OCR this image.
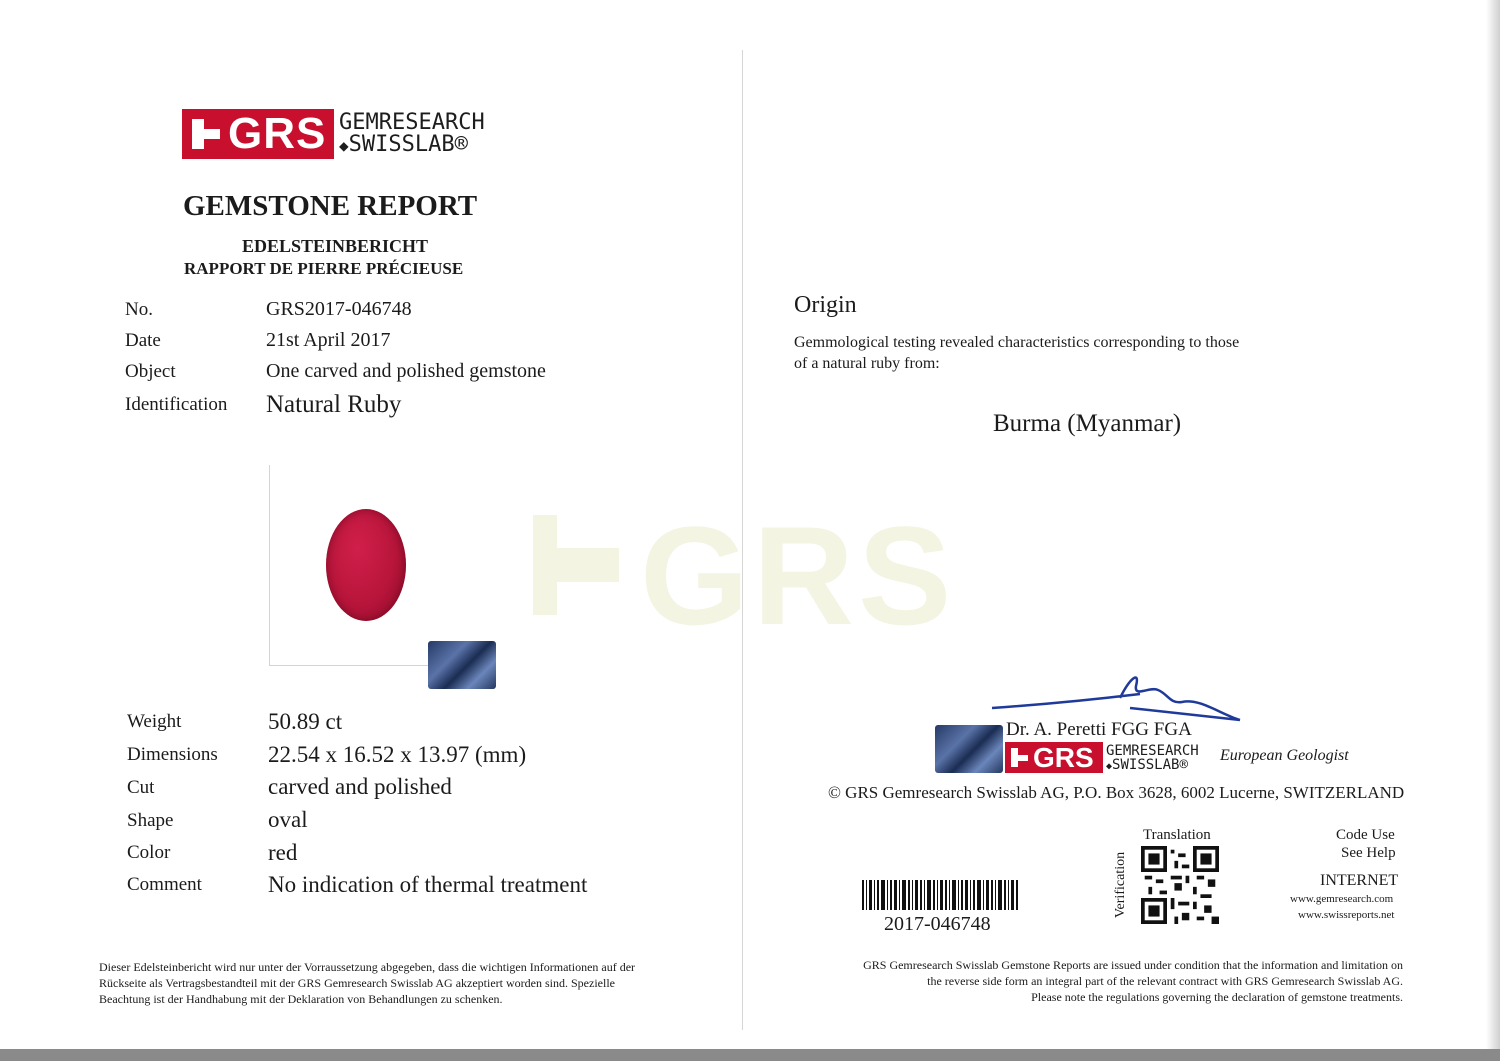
GRS
GRS GEMRESEARCH
◆SWISSLAB®
GEMSTONE REPORT
EDELSTEINBERICHT
RAPPORT DE PIERRE PRÉCIEUSE
No.	GRS2017-046748
Date	21st April 2017
Object	One carved and polished gemstone
Identification Natural Ruby
Weight	50.89 ct
Dimensions 22.54 x 16.52 x 13.97 (mm)
Cut	carved and polished
Shape	oval
Color	red
Comment	No indication of thermal treatment
Dieser Edelsteinbericht wird nur unter der Vorraussetzung abgegeben, dass die wichtigen Informationen auf der
Rückseite als Vertragsbestandteil mit der GRS Gemresearch Swisslab AG akzeptiert worden sind. Spezielle
Beachtung ist der Handhabung mit der Deklaration von Behandlungen zu schenken.
Origin
Gemmological testing revealed characteristics corresponding to those
of a natural ruby from:
Burma (Myanmar)
Dr. A. Peretti FGG FGA
GRS GEMRESEARCH
◆SWISSLAB®
European Geologist
© GRS Gemresearch Swisslab AG, P.O. Box 3628, 6002 Lucerne, SWITZERLAND
2017-046748
Translation
Verification
Code Use
See Help
INTERNET
www.gemresearch.com
www.swissreports.net
GRS Gemresearch Swisslab Gemstone Reports are issued under condition that the information and limitation on
the reverse side form an integral part of the relevant contract with GRS Gemresearch Swisslab AG.
Please note the regulations governing the declaration of gemstone treatments.
